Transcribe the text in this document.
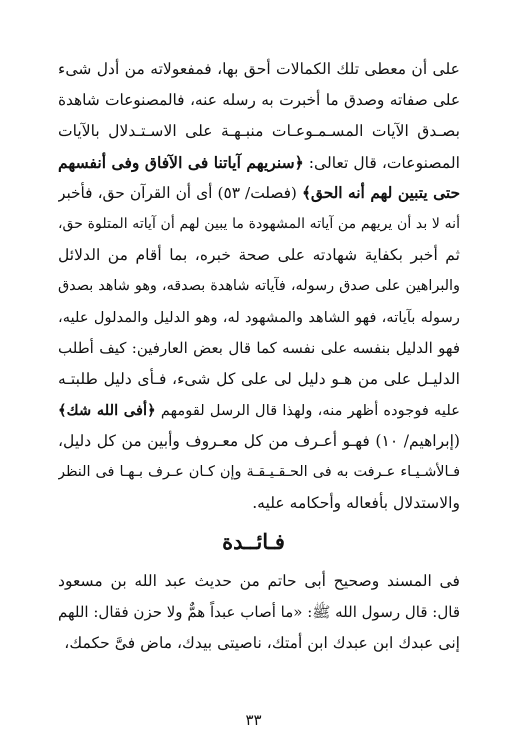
على أن معطى تلك الكمالات أحق بها، فمفعولاته من أدل شىء
على صفاته وصدق ما أخبرت به رسله عنه، فالمصنوعات شاهدة
بصـدق الآيات المسـمـوعـات منبـهـة على الاسـتـدلال بالآيات
المصنوعات، قال تعالى: ﴿سنريهم آياتنا فى الآفاق وفى أنفسهم
حتى يتبين لهم أنه الحق﴾ (فصلت/ ٥٣) أى أن القرآن حق، فأخبر
أنه لا بد أن يريهم من آياته المشهودة ما يبين لهم أن آياته المتلوة حق،
ثم أخبر بكفاية شهادته على صحة خبره، بما أقام من الدلائل
والبراهين على صدق رسوله، فآياته شاهدة بصدقه، وهو شاهد بصدق
رسوله بآياته، فهو الشاهد والمشهود له، وهو الدليل والمدلول عليه،
فهو الدليل بنفسه على نفسه كما قال بعض العارفين: كيف أطلب
الدليـل على من هـو دليل لى على كل شىء، فـأى دليل طلبتـه
عليه فوجوده أظهر منه، ولهذا قال الرسل لقومهم ﴿أفى الله شك﴾
(إبراهيم/ ١٠) فهـو أعـرف من كل معـروف وأبين من كل دليل،
فـالأشـيـاء عـرفت به فى الحـقـيـقـة وإن كـان عـرف بـهـا فى النظر
والاستدلال بأفعاله وأحكامه عليه.
فـائــدة
فى المسند وصحيح أبى حاتم من حديث عبد الله بن مسعود
قال: قال رسول الله ﷺ: «ما أصاب عبداً همٌّ ولا حزن فقال: اللهم
إنى عبدك ابن عبدك ابن أمتك، ناصيتى بيدك، ماض فىَّ حكمك،
٣٣
